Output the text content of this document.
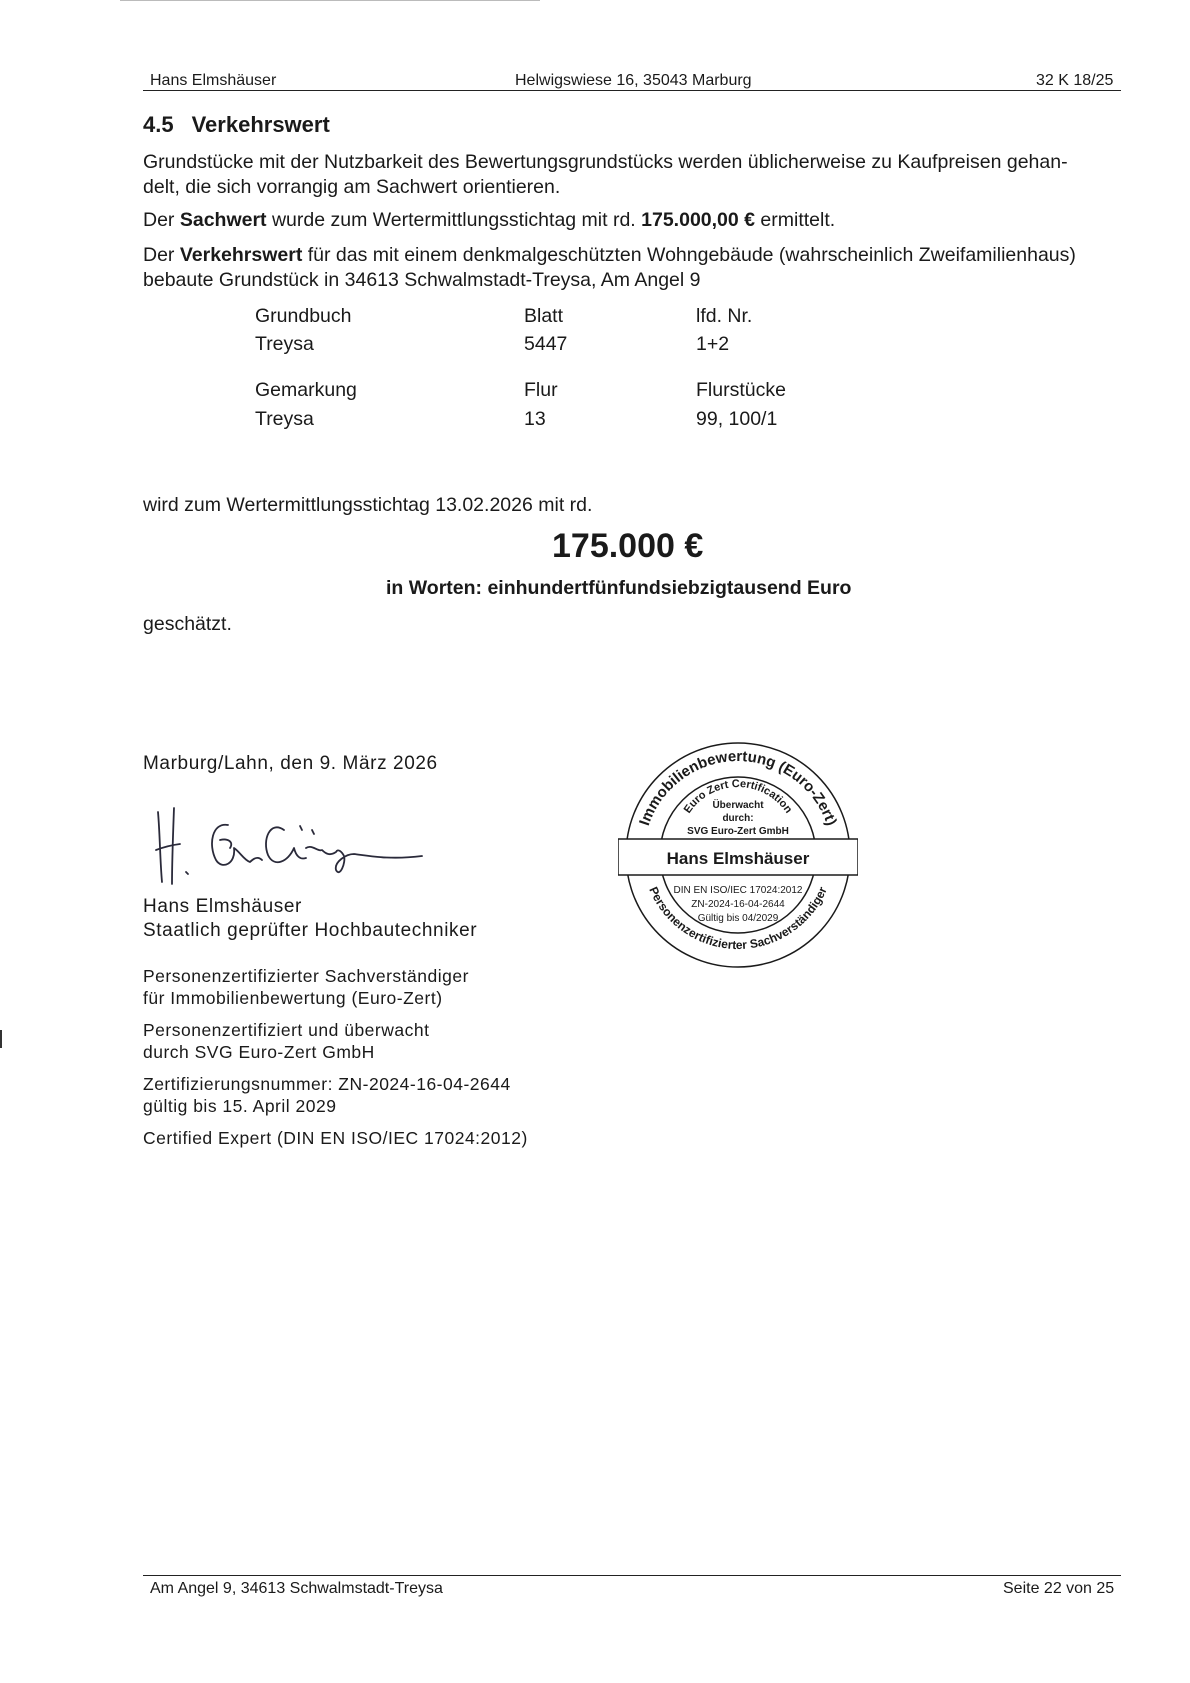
Hans Elmshäuser	Helwigswiese 16, 35043 Marburg	32 K 18/25
4.5 Verkehrswert
Grundstücke mit der Nutzbarkeit des Bewertungsgrundstücks werden üblicherweise zu Kaufpreisen gehan-
delt, die sich vorrangig am Sachwert orientieren.
Der Sachwert wurde zum Wertermittlungsstichtag mit rd. 175.000,00 € ermittelt.
Der Verkehrswert für das mit einem denkmalgeschützten Wohngebäude (wahrscheinlich Zweifamilienhaus)
bebaute Grundstück in 34613 Schwalmstadt-Treysa, Am Angel 9
Grundbuch	Blatt	lfd. Nr.
Treysa	5447	1+2
Gemarkung	Flur	Flurstücke
Treysa	13	99, 100/1
wird zum Wertermittlungsstichtag 13.02.2026 mit rd.
175.000 €
in Worten: einhundertfünfundsiebzigtausend Euro
geschätzt.
Marburg/Lahn, den 9. März 2026
Hans Elmshäuser
Staatlich geprüfter Hochbautechniker
Personenzertifizierter Sachverständiger
für Immobilienbewertung (Euro-Zert)
Personenzertifiziert und überwacht
durch SVG Euro-Zert GmbH
Zertifizierungsnummer: ZN-2024-16-04-2644
gültig bis 15. April 2029
Certified Expert (DIN EN ISO/IEC 17024:2012)
Immobilienbewertung (Euro-Zert)
Euro Zert Certification
Überwacht
durch:
SVG Euro-Zert GmbH
Hans Elmshäuser
DIN EN ISO/IEC 17024:2012
ZN-2024-16-04-2644
Gültig bis 04/2029
Personenzertifizierter Sachverständiger
Am Angel 9, 34613 Schwalmstadt-Treysa	Seite 22 von 25
